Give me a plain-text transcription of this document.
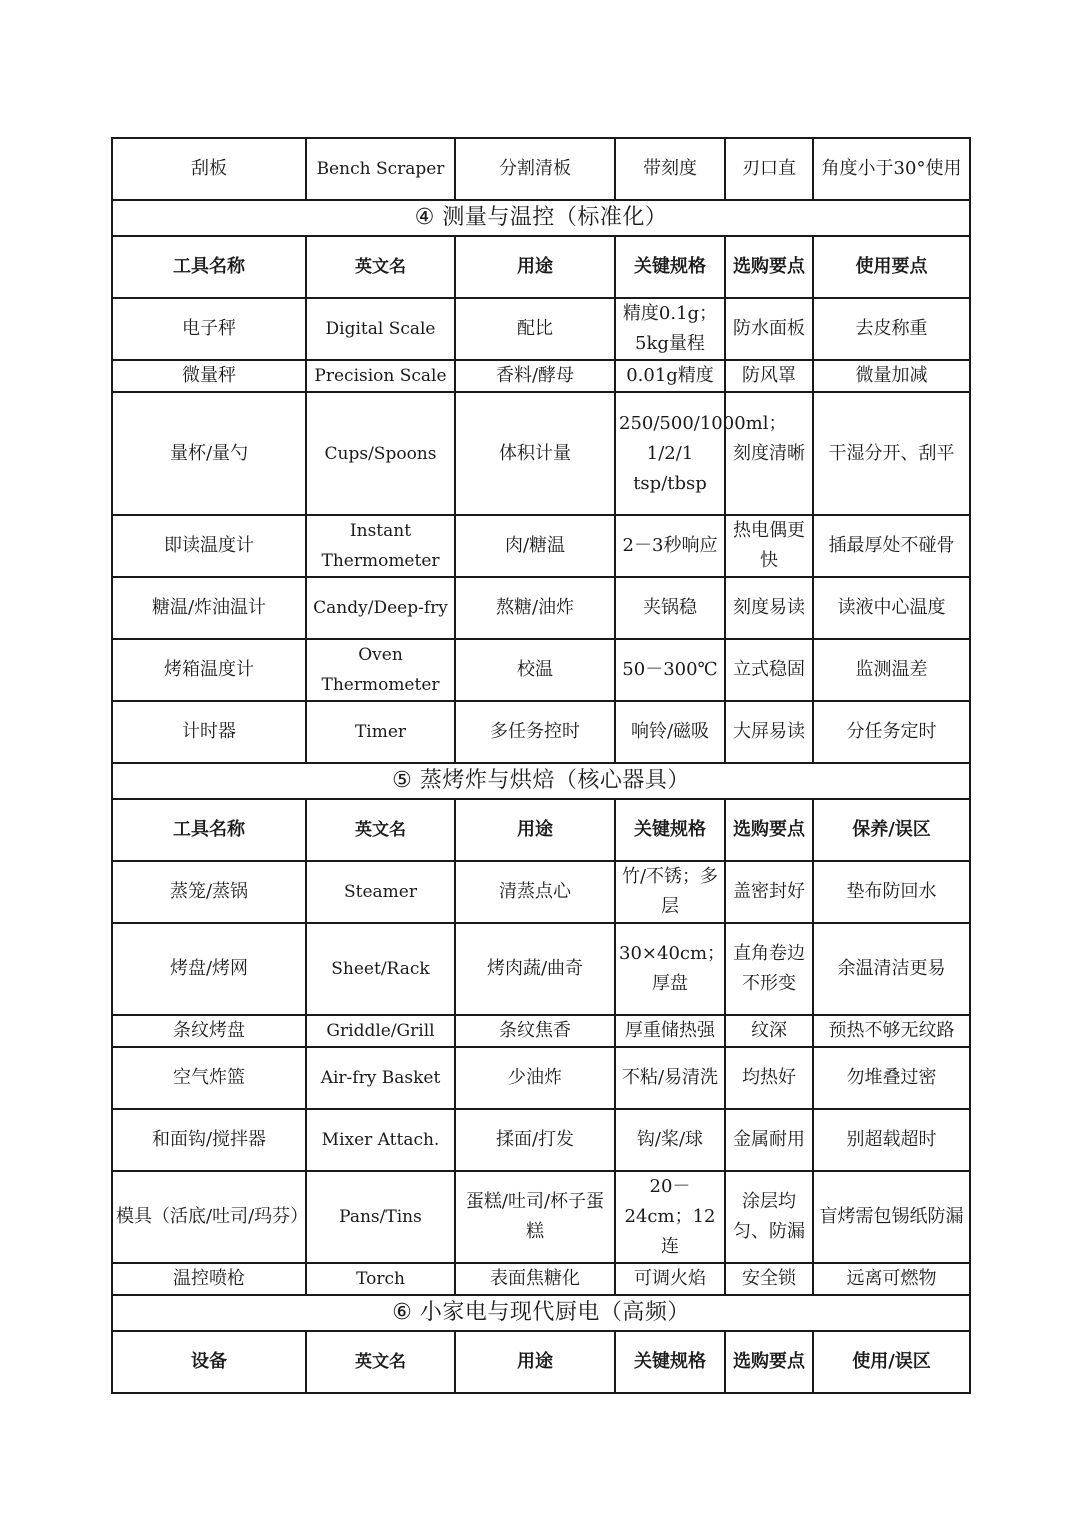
刮板	Bench Scraper	分割清板	带刻度	刃口直	角度小于30°使用
④ 测量与温控（标准化）					
工具名称	英文名	用途	关键规格	选购要点	使用要点
电子秤	Digital Scale	配比	精度0.1g；5kg量程	防水面板	去皮称重
微量秤	Precision Scale	香料/酵母	0.01g精度	防风罩	微量加减
量杯/量勺	Cups/Spoons	体积计量	250/500/1000ml；1/2/1 tsp/tbsp	刻度清晰	干湿分开、刮平
即读温度计	Instant Thermometer	肉/糖温	2－3秒响应	热电偶更快	插最厚处不碰骨
糖温/炸油温计	Candy/Deep-fry	熬糖/油炸	夹锅稳	刻度易读	读液中心温度
烤箱温度计	Oven Thermometer	校温	50－300℃	立式稳固	监测温差
计时器	Timer	多任务控时	响铃/磁吸	大屏易读	分任务定时
⑤ 蒸烤炸与烘焙（核心器具）					
工具名称	英文名	用途	关键规格	选购要点	保养/误区
蒸笼/蒸锅	Steamer	清蒸点心	竹/不锈；多层	盖密封好	垫布防回水
烤盘/烤网	Sheet/Rack	烤肉蔬/曲奇	30×40cm；厚盘	直角卷边不形变	余温清洁更易
条纹烤盘	Griddle/Grill	条纹焦香	厚重储热强	纹深	预热不够无纹路
空气炸篮	Air-fry Basket	少油炸	不粘/易清洗	均热好	勿堆叠过密
和面钩/搅拌器	Mixer Attach.	揉面/打发	钩/桨/球	金属耐用	别超载超时
模具（活底/吐司/玛芬）	Pans/Tins	蛋糕/吐司/杯子蛋糕	20－24cm；12连	涂层均匀、防漏	盲烤需包锡纸防漏
温控喷枪	Torch	表面焦糖化	可调火焰	安全锁	远离可燃物
⑥ 小家电与现代厨电（高频）					
设备	英文名	用途	关键规格	选购要点	使用/误区
